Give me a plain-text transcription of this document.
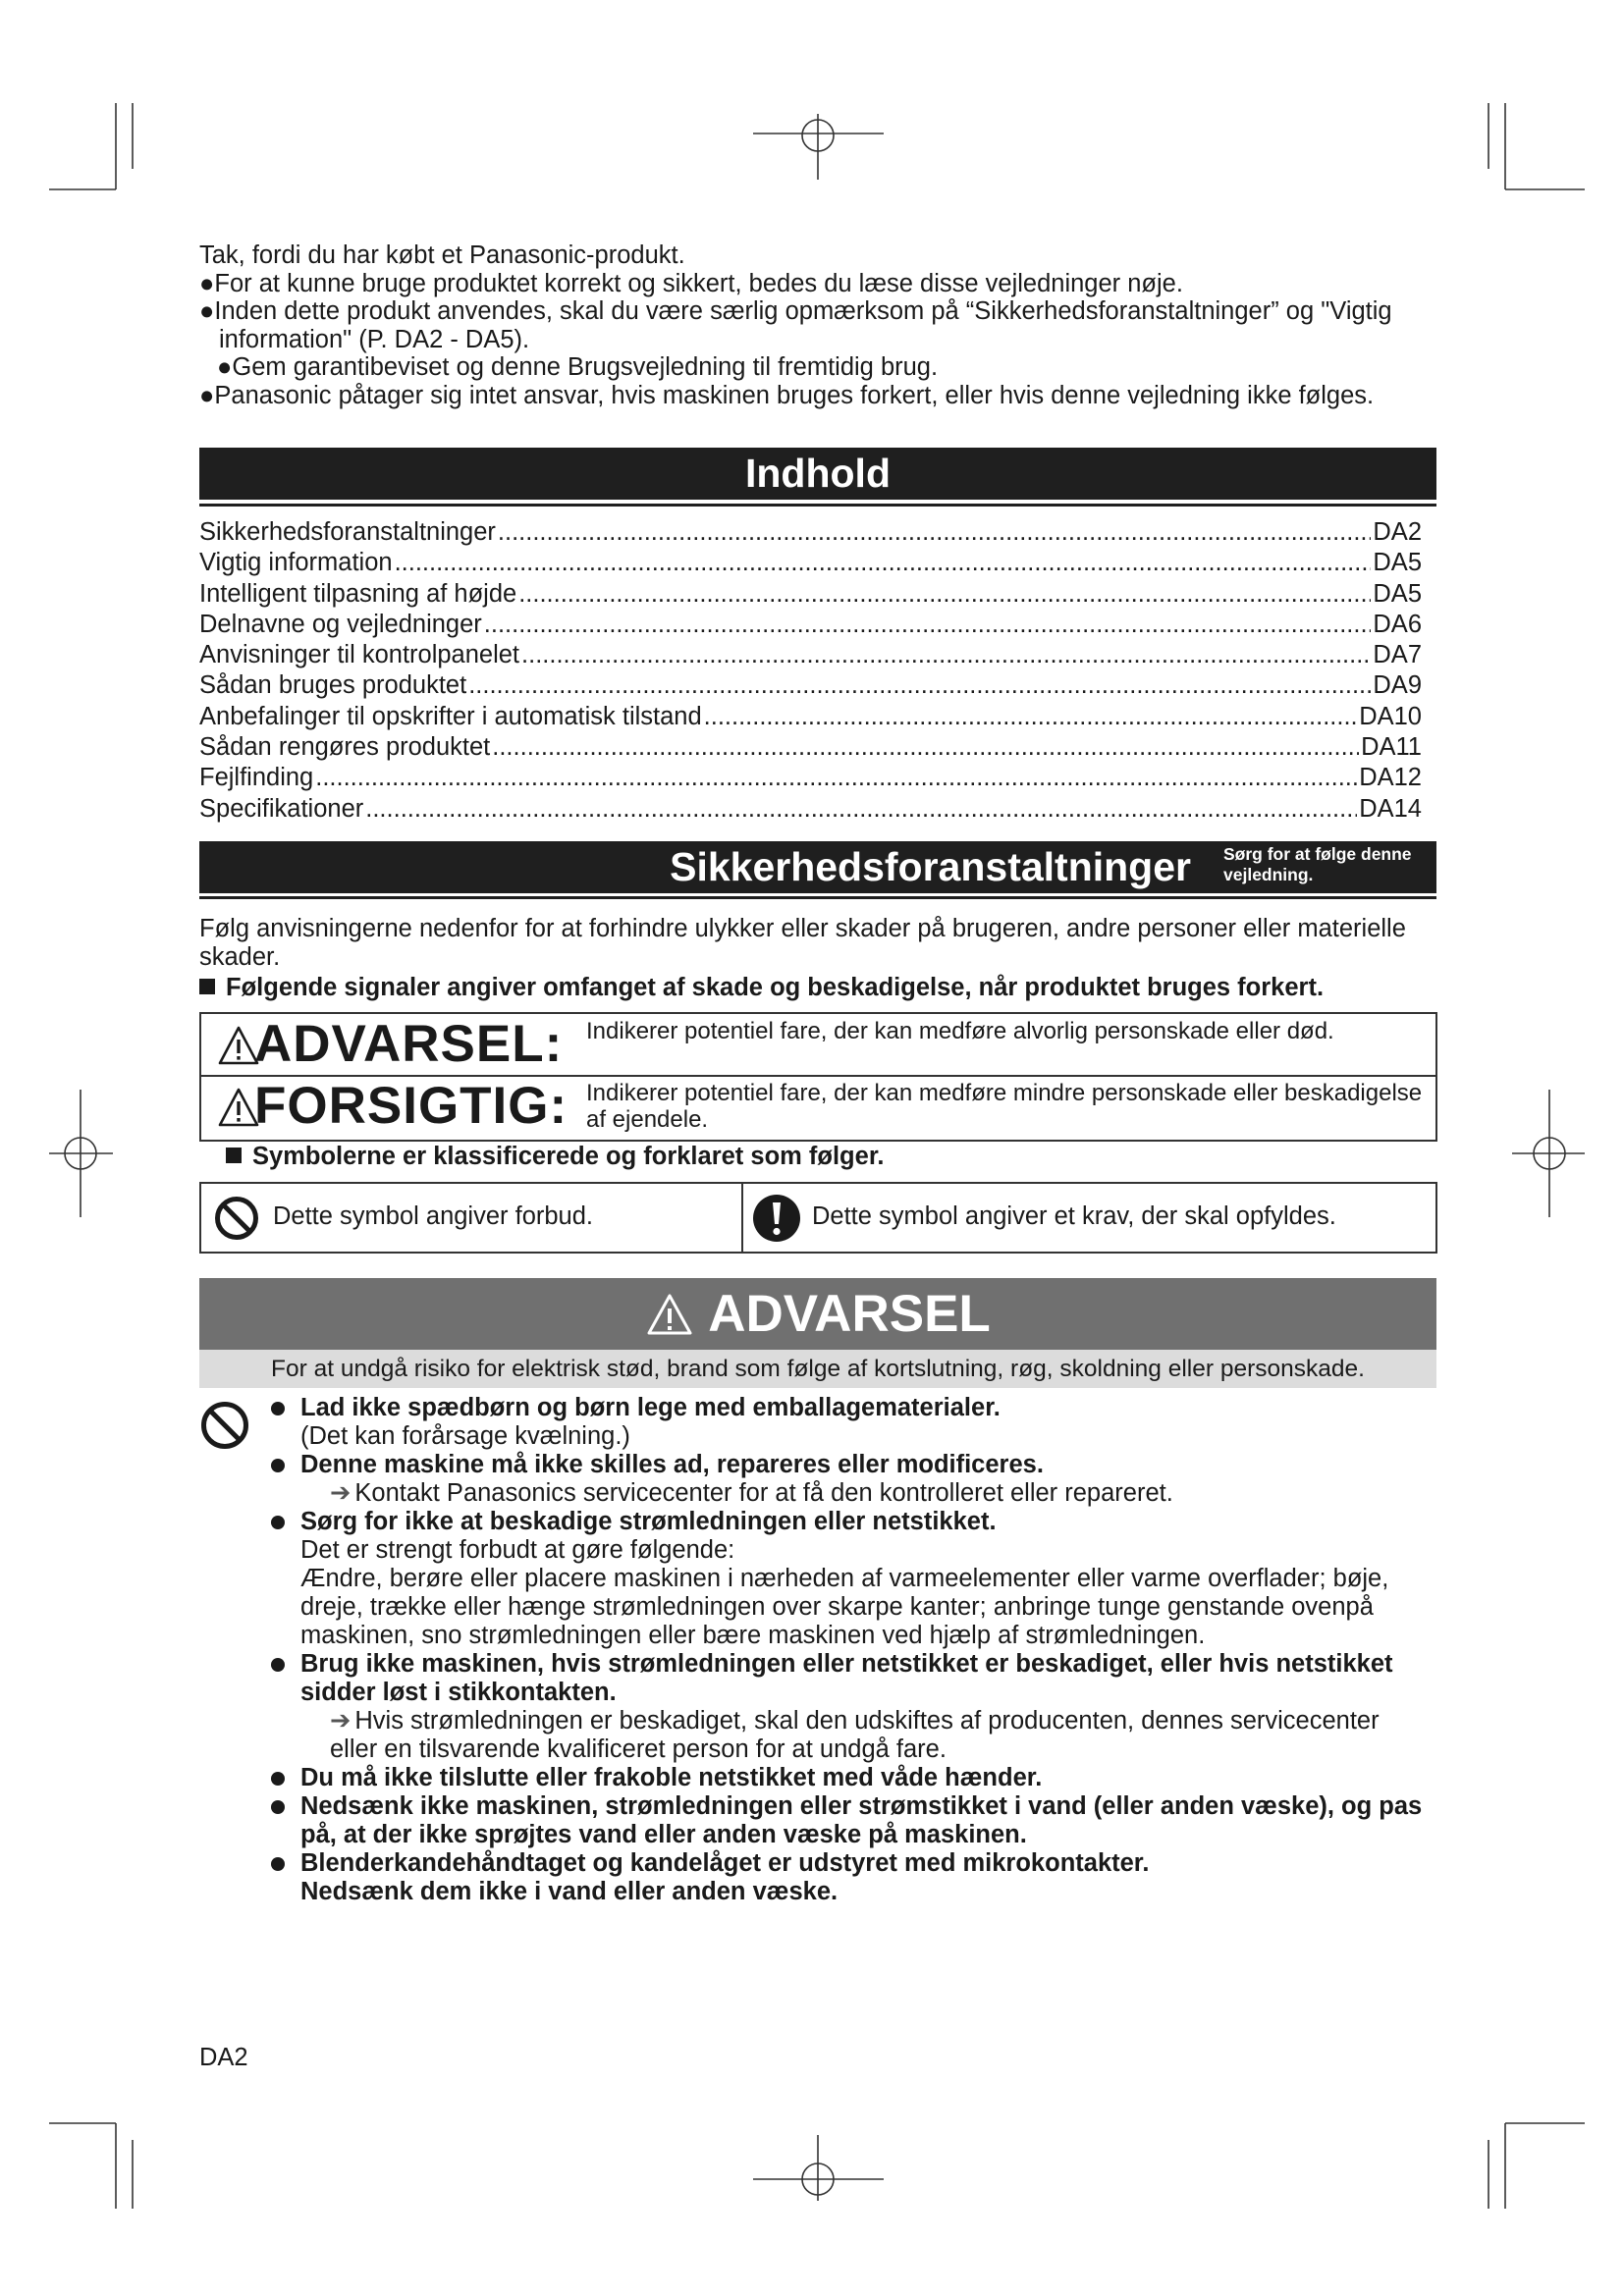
Tak, fordi du har købt et Panasonic-produkt.

●For at kunne bruge produktet korrekt og sikkert, bedes du læse disse vejledninger nøje.

●Inden dette produkt anvendes, skal du være særlig opmærksom på “Sikkerhedsforanstaltninger” og "Vigtig information" (P. DA2 - DA5).

●Gem garantibeviset og denne Brugsvejledning til fremtidig brug.

●Panasonic påtager sig intet ansvar, hvis maskinen bruges forkert, eller hvis denne vejledning ikke følges.

Indhold
Sikkerhedsforanstaltninger .....	DA2
Vigtig information .....	DA5
Intelligent tilpasning af højde .....	DA5
Delnavne og vejledninger .....	DA6
Anvisninger til kontrolpanelet .....	DA7
Sådan bruges produktet .....	DA9
Anbefalinger til opskrifter i automatisk tilstand .....	DA10
Sådan rengøres produktet .....	DA11
Fejlfinding .....	DA12
Specifikationer .....	DA14
Sikkerhedsforanstaltninger Sørg for at følge denne vejledning.

Følg anvisningerne nedenfor for at forhindre ulykker eller skader på brugeren, andre personer eller materielle skader.

Følgende signaler angiver omfanget af skade og beskadigelse, når produktet bruges forkert.
ADVARSEL: Indikerer potentiel fare, der kan medføre alvorlig personskade eller død.
FORSIGTIG: Indikerer potentiel fare, der kan medføre mindre personskade eller beskadigelse af ejendele.
Symbolerne er klassificerede og forklaret som følger.
Dette symbol angiver forbud.	Dette symbol angiver et krav, der skal opfyldes.
ADVARSEL
For at undgå risiko for elektrisk stød, brand som følge af kortslutning, røg, skoldning eller personskade.
Lad ikke spædbørn og børn lege med emballagematerialer.
(Det kan forårsage kvælning.)
Denne maskine må ikke skilles ad, repareres eller modificeres.
➔ Kontakt Panasonics servicecenter for at få den kontrolleret eller repareret.
Sørg for ikke at beskadige strømledningen eller netstikket.
Det er strengt forbudt at gøre følgende:
Ændre, berøre eller placere maskinen i nærheden af varmeelementer eller varme overflader; bøje, dreje, trække eller hænge strømledningen over skarpe kanter; anbringe tunge genstande ovenpå maskinen, sno strømledningen eller bære maskinen ved hjælp af strømledningen.
Brug ikke maskinen, hvis strømledningen eller netstikket er beskadiget, eller hvis netstikket sidder løst i stikkontakten.
➔ Hvis strømledningen er beskadiget, skal den udskiftes af producenten, dennes servicecenter eller en tilsvarende kvalificeret person for at undgå fare.
Du må ikke tilslutte eller frakoble netstikket med våde hænder.
Nedsænk ikke maskinen, strømledningen eller strømstikket i vand (eller anden væske), og pas på, at der ikke sprøjtes vand eller anden væske på maskinen.
Blenderkandehåndtaget og kandelåget er udstyret med mikrokontakter.
Nedsænk dem ikke i vand eller anden væske.
DA2
